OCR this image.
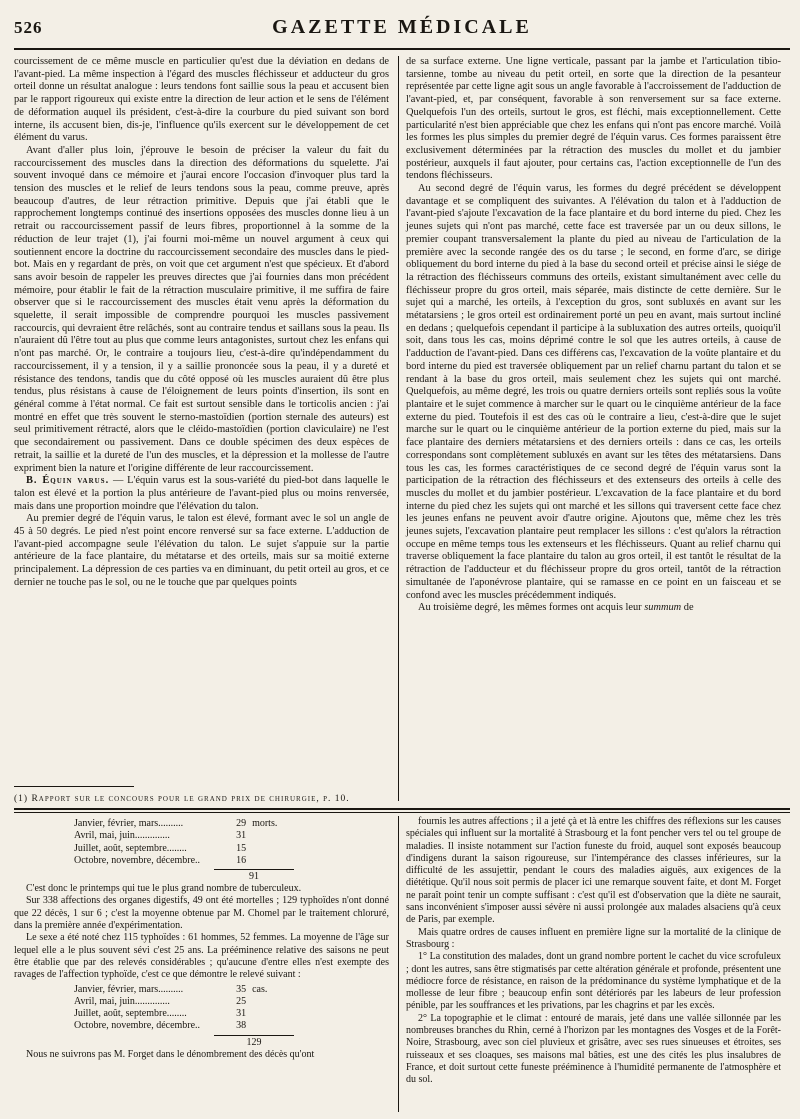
526	GAZETTE MÉDICALE

courcissement de ce même muscle en particulier qu'est due la déviation en dedans de l'avant-pied. La même inspection à l'égard des muscles fléchisseur et adducteur du gros orteil donne un résultat analogue : leurs tendons font saillie sous la peau et accusent bien par le rapport rigoureux qui existe entre la direction de leur action et le sens de l'élément de déformation auquel ils président, c'est-à-dire la courbure du pied suivant son bord interne, ils accusent bien, dis-je, l'influence qu'ils exercent sur le développement de cet élément du varus.

Avant d'aller plus loin, j'éprouve le besoin de préciser la valeur du fait du raccourcissement des muscles dans la direction des déformations du squelette. J'ai souvent invoqué dans ce mémoire et j'aurai encore l'occasion d'invoquer plus tard la tension des muscles et le relief de leurs tendons sous la peau, comme preuve, après beaucoup d'autres, de leur rétraction primitive. Depuis que j'ai établi que le rapprochement longtemps continué des insertions opposées des muscles donne lieu à un retrait ou raccourcissement passif de leurs fibres, proportionnel à la somme de la réduction de leur trajet (1), j'ai fourni moi-même un nouvel argument à ceux qui soutiennent encore la doctrine du raccourcissement secondaire des muscles dans le pied-bot. Mais en y regardant de près, on voit que cet argument n'est que spécieux. Et d'abord sans avoir besoin de rappeler les preuves directes que j'ai fournies dans mon précédent mémoire, pour établir le fait de la rétraction musculaire primitive, il me suffira de faire observer que si le raccourcissement des muscles était venu après la déformation du squelette, il serait impossible de comprendre pourquoi les muscles passivement raccourcis, qui devraient être relâchés, sont au contraire tendus et saillans sous la peau. Ils n'auraient dû l'être tout au plus que comme leurs antagonistes, surtout chez les enfans qui n'ont pas marché. Or, le contraire a toujours lieu, c'est-à-dire qu'indépendamment du raccourcissement, il y a tension, il y a saillie prononcée sous la peau, il y a dureté et résistance des tendons, tandis que du côté opposé où les muscles auraient dû être plus tendus, plus résistans à cause de l'éloignement de leurs points d'insertion, ils sont en général comme à l'état normal. Ce fait est surtout sensible dans le torticolis ancien : j'ai montré en effet que très souvent le sterno-mastoïdien (portion sternale des auteurs) est seul primitivement rétracté, alors que le cléido-mastoïdien (portion claviculaire) ne l'est que secondairement ou passivement. Dans ce double spécimen des deux espèces de retrait, la saillie et la dureté de l'un des muscles, et la dépression et la mollesse de l'autre expriment bien la nature et l'origine différente de leur raccourcissement.

B. Équin varus. — L'équin varus est la sous-variété du pied-bot dans laquelle le talon est élevé et la portion la plus antérieure de l'avant-pied plus ou moins renversée, mais dans une proportion moindre que l'élévation du talon.

Au premier degré de l'équin varus, le talon est élevé, formant avec le sol un angle de 45 à 50 degrés. Le pied n'est point encore renversé sur sa face externe. L'adduction de l'avant-pied accompagne seule l'élévation du talon. Le sujet s'appuie sur la partie antérieure de la face plantaire, du métatarse et des orteils, mais sur sa moitié externe principalement. La dépression de ces parties va en diminuant, du petit orteil au gros, et ce dernier ne touche pas le sol, ou ne le touche que par quelques points

de sa surface externe. Une ligne verticale, passant par la jambe et l'articulation tibio-tarsienne, tombe au niveau du petit orteil, en sorte que la direction de la pesanteur représentée par cette ligne agit sous un angle favorable à l'accroissement de l'adduction de l'avant-pied, et, par conséquent, favorable à son renversement sur sa face externe. Quelquefois l'un des orteils, surtout le gros, est fléchi, mais exceptionnellement. Cette particularité n'est bien appréciable que chez les enfans qui n'ont pas encore marché. Voilà les formes les plus simples du premier degré de l'équin varus. Ces formes paraissent être exclusivement déterminées par la rétraction des muscles du mollet et du jambier postérieur, auxquels il faut ajouter, pour certains cas, l'action exceptionnelle de l'un des tendons fléchisseurs.

Au second degré de l'équin varus, les formes du degré précédent se développent davantage et se compliquent des suivantes. A l'élévation du talon et à l'adduction de l'avant-pied s'ajoute l'excavation de la face plantaire et du bord interne du pied. Chez les jeunes sujets qui n'ont pas marché, cette face est traversée par un ou deux sillons, le premier coupant transversalement la plante du pied au niveau de l'articulation de la première avec la seconde rangée des os du tarse ; le second, en forme d'arc, se dirige obliquement du bord interne du pied à la base du second orteil et précise ainsi le siége de la rétraction des fléchisseurs communs des orteils, existant simultanément avec celle du fléchisseur propre du gros orteil, mais séparée, mais distincte de cette dernière. Sur le sujet qui a marché, les orteils, à l'exception du gros, sont subluxés en avant sur les métatarsiens ; le gros orteil est ordinairement porté un peu en avant, mais surtout incliné en dedans ; quelquefois cependant il participe à la subluxation des autres orteils, quoiqu'il soit, dans tous les cas, moins déprimé contre le sol que les autres orteils, à cause de l'adduction de l'avant-pied. Dans ces différens cas, l'excavation de la voûte plantaire et du bord interne du pied est traversée obliquement par un relief charnu partant du talon et se rendant à la base du gros orteil, mais seulement chez les sujets qui ont marché. Quelquefois, au même degré, les trois ou quatre derniers orteils sont repliés sous la voûte plantaire et le sujet commence à marcher sur le quart ou le cinquième antérieur de la face externe du pied. Toutefois il est des cas où le contraire a lieu, c'est-à-dire que le sujet marche sur le quart ou le cinquième antérieur de la portion externe du pied, mais sur la face plantaire des derniers métatarsiens et des derniers orteils : dans ce cas, les orteils correspondans sont complètement subluxés en avant sur les têtes des métatarsiens. Dans tous les cas, les formes caractéristiques de ce second degré de l'équin varus sont la participation de la rétraction des fléchisseurs et des extenseurs des orteils à celle des muscles du mollet et du jambier postérieur. L'excavation de la face plantaire et du bord interne du pied chez les sujets qui ont marché et les sillons qui traversent cette face chez les jeunes enfans ne peuvent avoir d'autre origine. Ajoutons que, même chez les très jeunes sujets, l'excavation plantaire peut remplacer les sillons : c'est qu'alors la rétraction occupe en même temps tous les extenseurs et les fléchisseurs. Quant au relief charnu qui traverse obliquement la face plantaire du talon au gros orteil, il est tantôt le résultat de la rétraction de l'adducteur et du fléchisseur propre du gros orteil, tantôt de la rétraction simultanée de l'aponévrose plantaire, qui se ramasse en ce point en un faisceau et se confond avec les muscles précédemment indiqués.

Au troisième degré, les mêmes formes ont acquis leur summum de

(1) Rapport sur le concours pour le grand prix de chirurgie, p. 10.
Janvier, février, mars..........	29	morts.
Avril, mai, juin..............	31	
Juillet, août, septembre........	15	
Octobre, novembre, décembre..	16	
91

C'est donc le printemps qui tue le plus grand nombre de tuberculeux.

Sur 338 affections des organes digestifs, 49 ont été mortelles ; 129 typhoïdes n'ont donné que 22 décès, 1 sur 6 ; c'est la moyenne obtenue par M. Chomel par le traitement chloruré, dans la première année d'expérimentation.

Le sexe a été noté chez 115 typhoïdes : 61 hommes, 52 femmes. La moyenne de l'âge sur lequel elle a le plus souvent sévi c'est 25 ans. La prééminence relative des saisons ne peut être établie que par des relevés considérables ; qu'aucune d'entre elles n'est exempte des ravages de l'affection typhoïde, c'est ce que démontre le relevé suivant :

Janvier, février, mars..........	35	cas.
Avril, mai, juin..............	25	
Juillet, août, septembre........	31	
Octobre, novembre, décembre..	38	
129

Nous ne suivrons pas M. Forget dans le dénombrement des décès qu'ont

fournis les autres affections ; il a jeté çà et là entre les chiffres des réflexions sur les causes spéciales qui influent sur la mortalité à Strasbourg et la font pencher vers tel ou tel groupe de maladies. Il insiste notamment sur l'action funeste du froid, auquel sont exposés beaucoup d'indigens durant la saison rigoureuse, sur l'intempérance des classes inférieures, sur la difficulté de les assujettir, pendant le cours des maladies aiguës, aux exigences de la diététique. Qu'il nous soit permis de placer ici une remarque souvent faite, et dont M. Forget ne paraît point tenir un compte suffisant : c'est qu'il est d'observation que la diète ne saurait, sans inconvénient s'imposer aussi sévère ni aussi prolongée aux malades alsaciens qu'à ceux de Paris, par exemple.

Mais quatre ordres de causes influent en première ligne sur la mortalité de la clinique de Strasbourg :

1° La constitution des malades, dont un grand nombre portent le cachet du vice scrofuleux ; dont les autres, sans être stigmatisés par cette altération générale et profonde, présentent une médiocre force de résistance, en raison de la prédominance du système lymphatique et de la mollesse de leur fibre ; beaucoup enfin sont détériorés par les labeurs de leur profession pénible, par les souffrances et les privations, par les chagrins et par les excès.

2° La topographie et le climat : entouré de marais, jeté dans une vallée sillonnée par les nombreuses branches du Rhin, cerné à l'horizon par les montagnes des Vosges et de la Forêt-Noire, Strasbourg, avec son ciel pluvieux et grisâtre, avec ses rues sinueuses et étroites, ses ruisseaux et ses cloaques, ses maisons mal bâties, est une des cités les plus insalubres de France, et doit surtout cette funeste prééminence à l'humidité permanente de l'atmosphère et du sol.
